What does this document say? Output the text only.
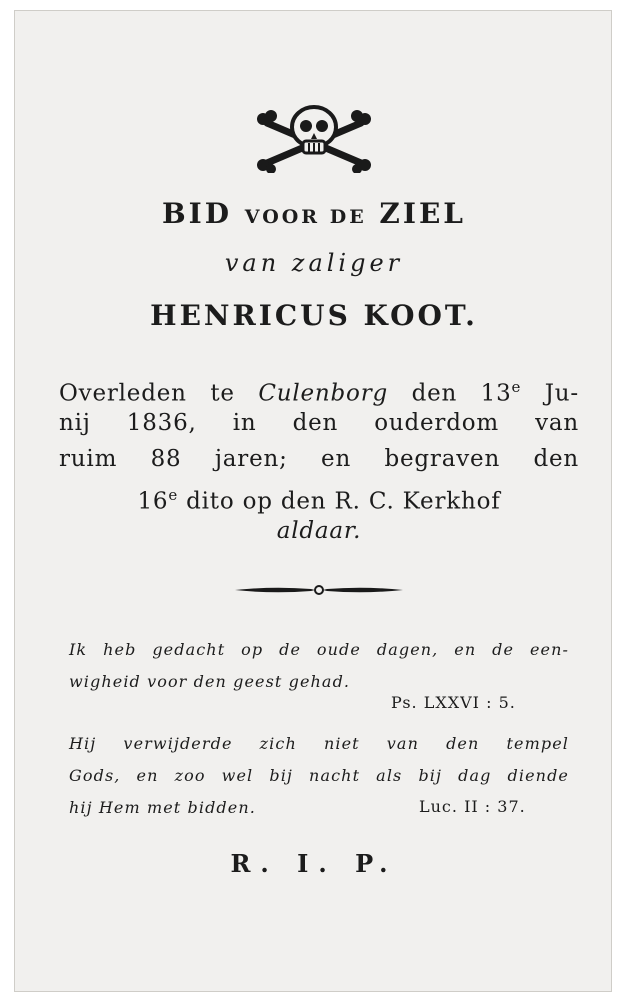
BID VOOR DE ZIEL
van zaliger
HENRICUS KOOT.
Overleden te Culenborg den 13e Ju-
nij 1836, in den ouderdom van
ruim 88 jaren; en begraven den
16e dito op den R. C. Kerkhof
aldaar.
Ik heb gedacht op de oude dagen, en de een-
wigheid voor den geest gehad.
Ps. LXXVI : 5.
Hij verwijderde zich niet van den tempel
Gods, en zoo wel bij nacht als bij dag diende
hij Hem met bidden.	Luc. II : 37.
R. I. P.
